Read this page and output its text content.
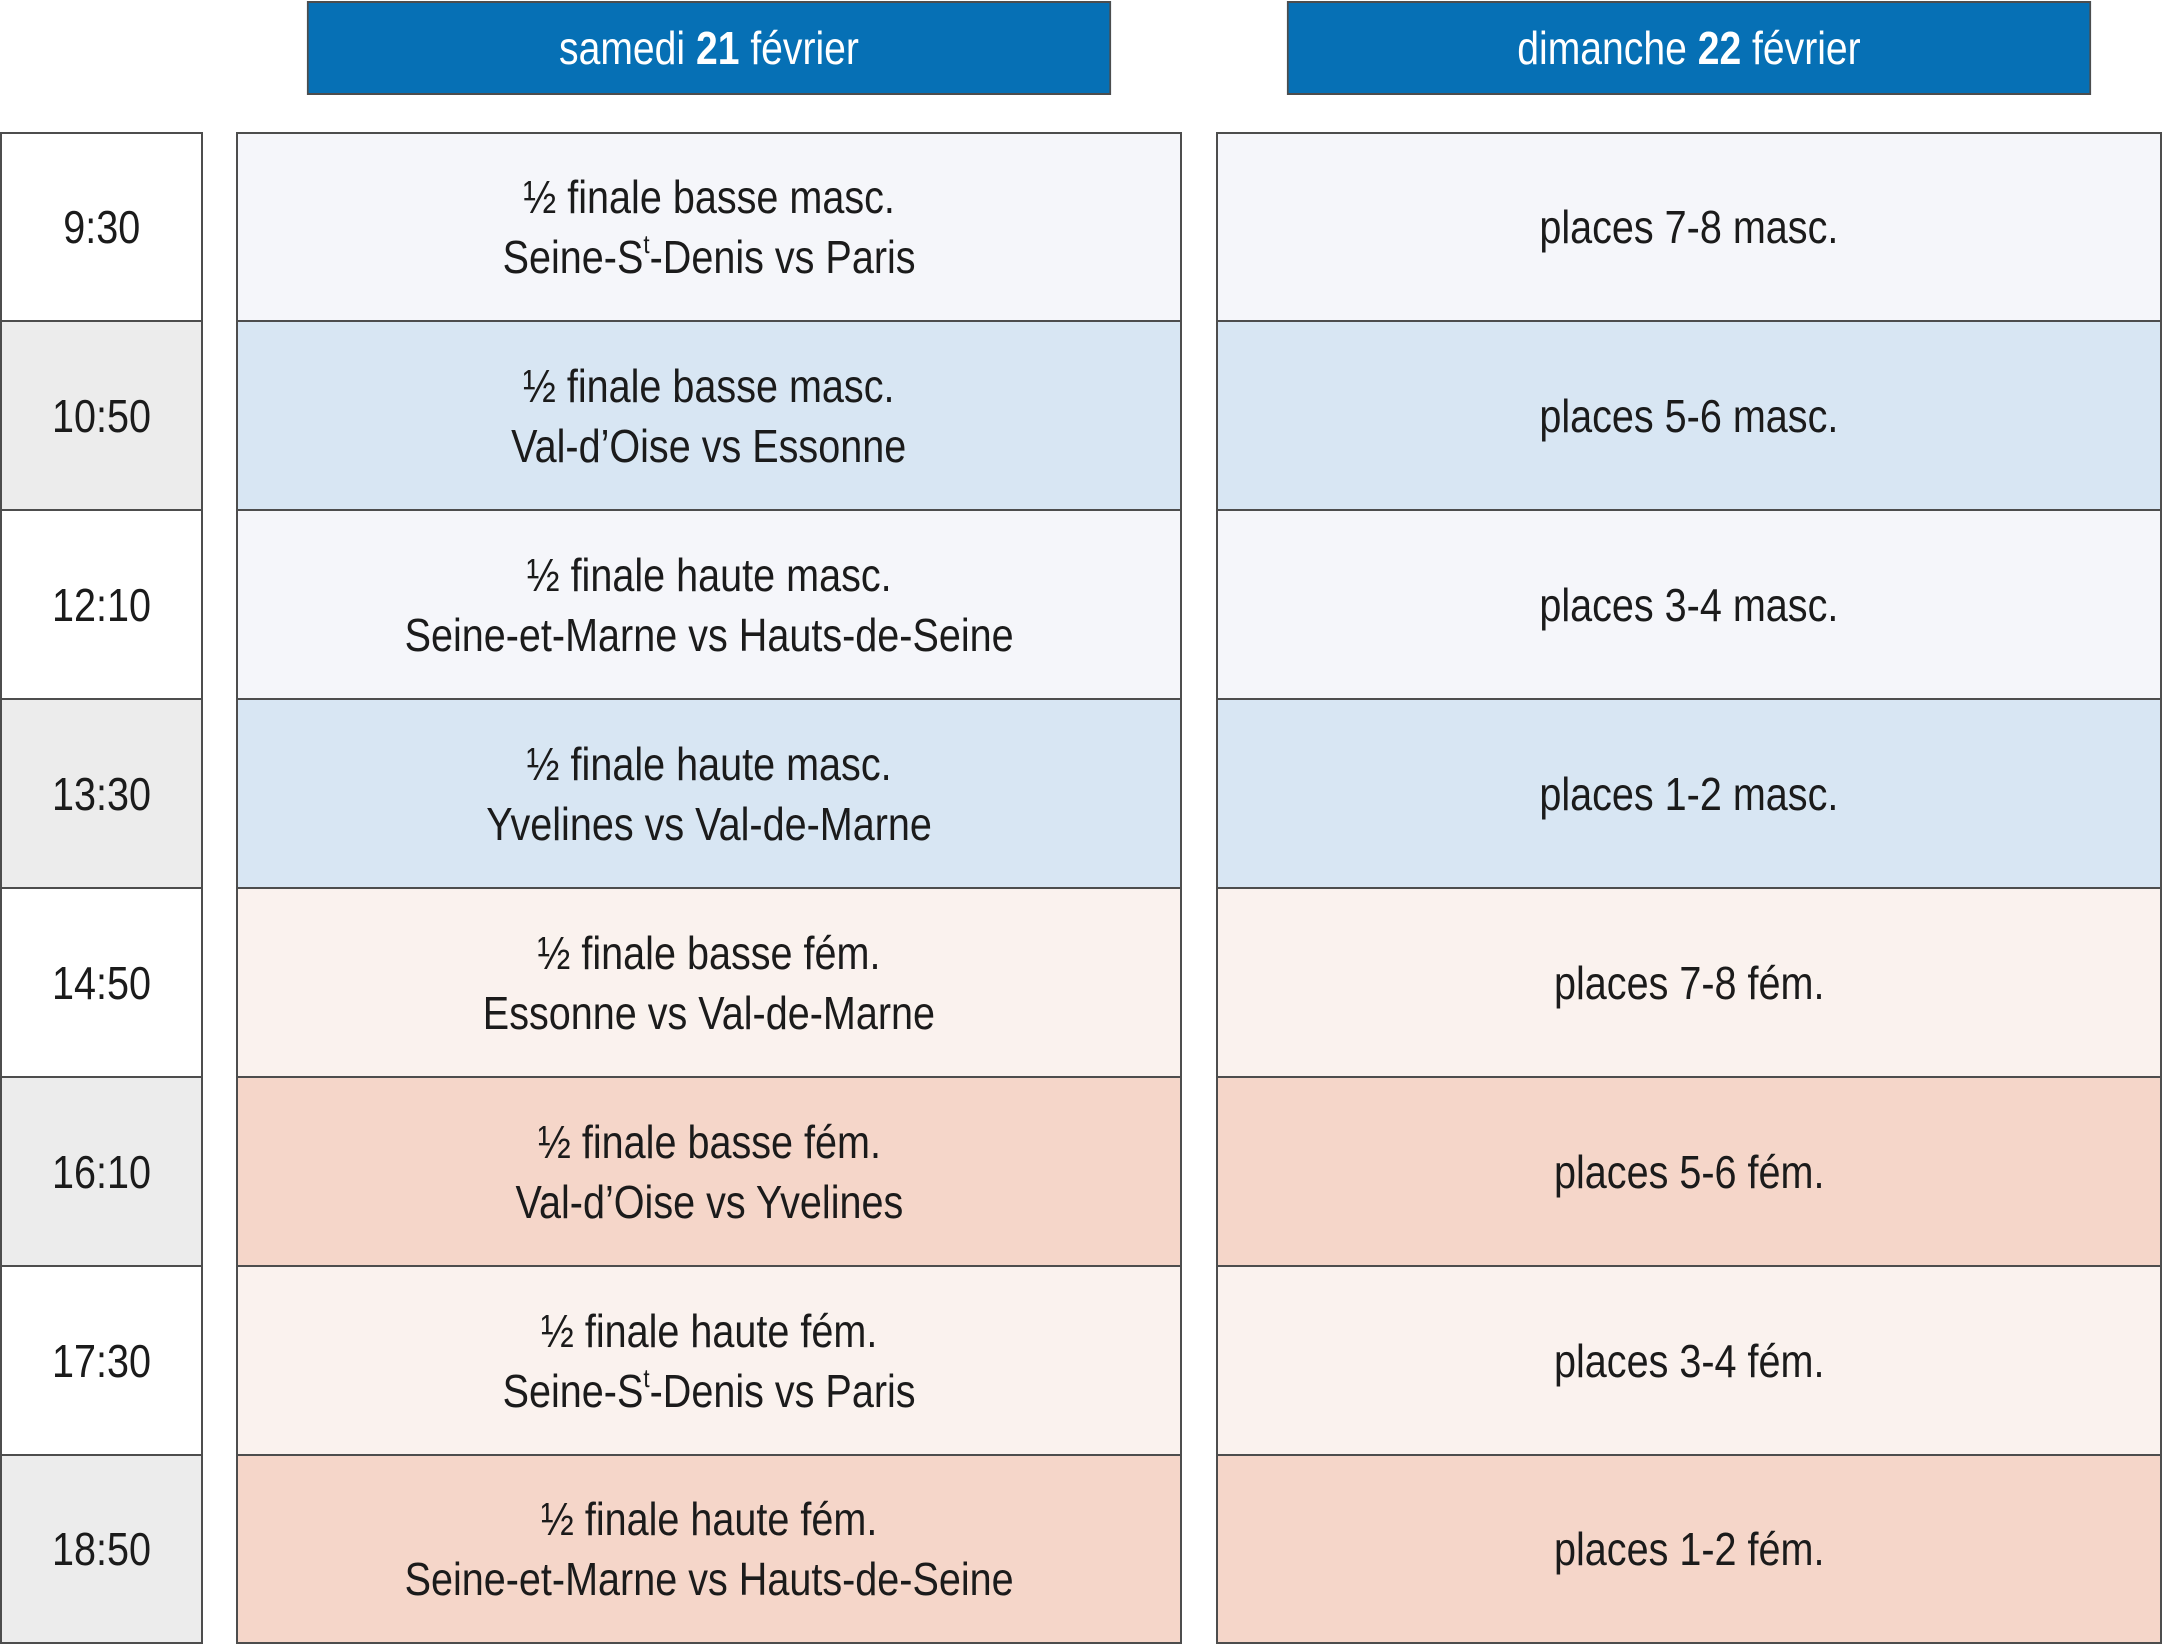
samedi 21 février	dimanche 22 février
9:30
10:50
12:10
13:30
14:50
16:10
17:30
18:50
½ finale basse masc.
Seine-$S^t$-Denis vs Paris
½ finale basse masc.
Val-d’Oise vs Essonne
½ finale haute masc.
Seine-et-Marne vs Hauts-de-Seine
½ finale haute masc.
Yvelines vs Val-de-Marne
½ finale basse fém.
Essonne vs Val-de-Marne
½ finale basse fém.
Val-d’Oise vs Yvelines
½ finale haute fém.
Seine-$S^t$-Denis vs Paris
½ finale haute fém.
Seine-et-Marne vs Hauts-de-Seine
places 7-8 masc.
places 5-6 masc.
places 3-4 masc.
places 1-2 masc.
places 7-8 fém.
places 5-6 fém.
places 3-4 fém.
places 1-2 fém.
